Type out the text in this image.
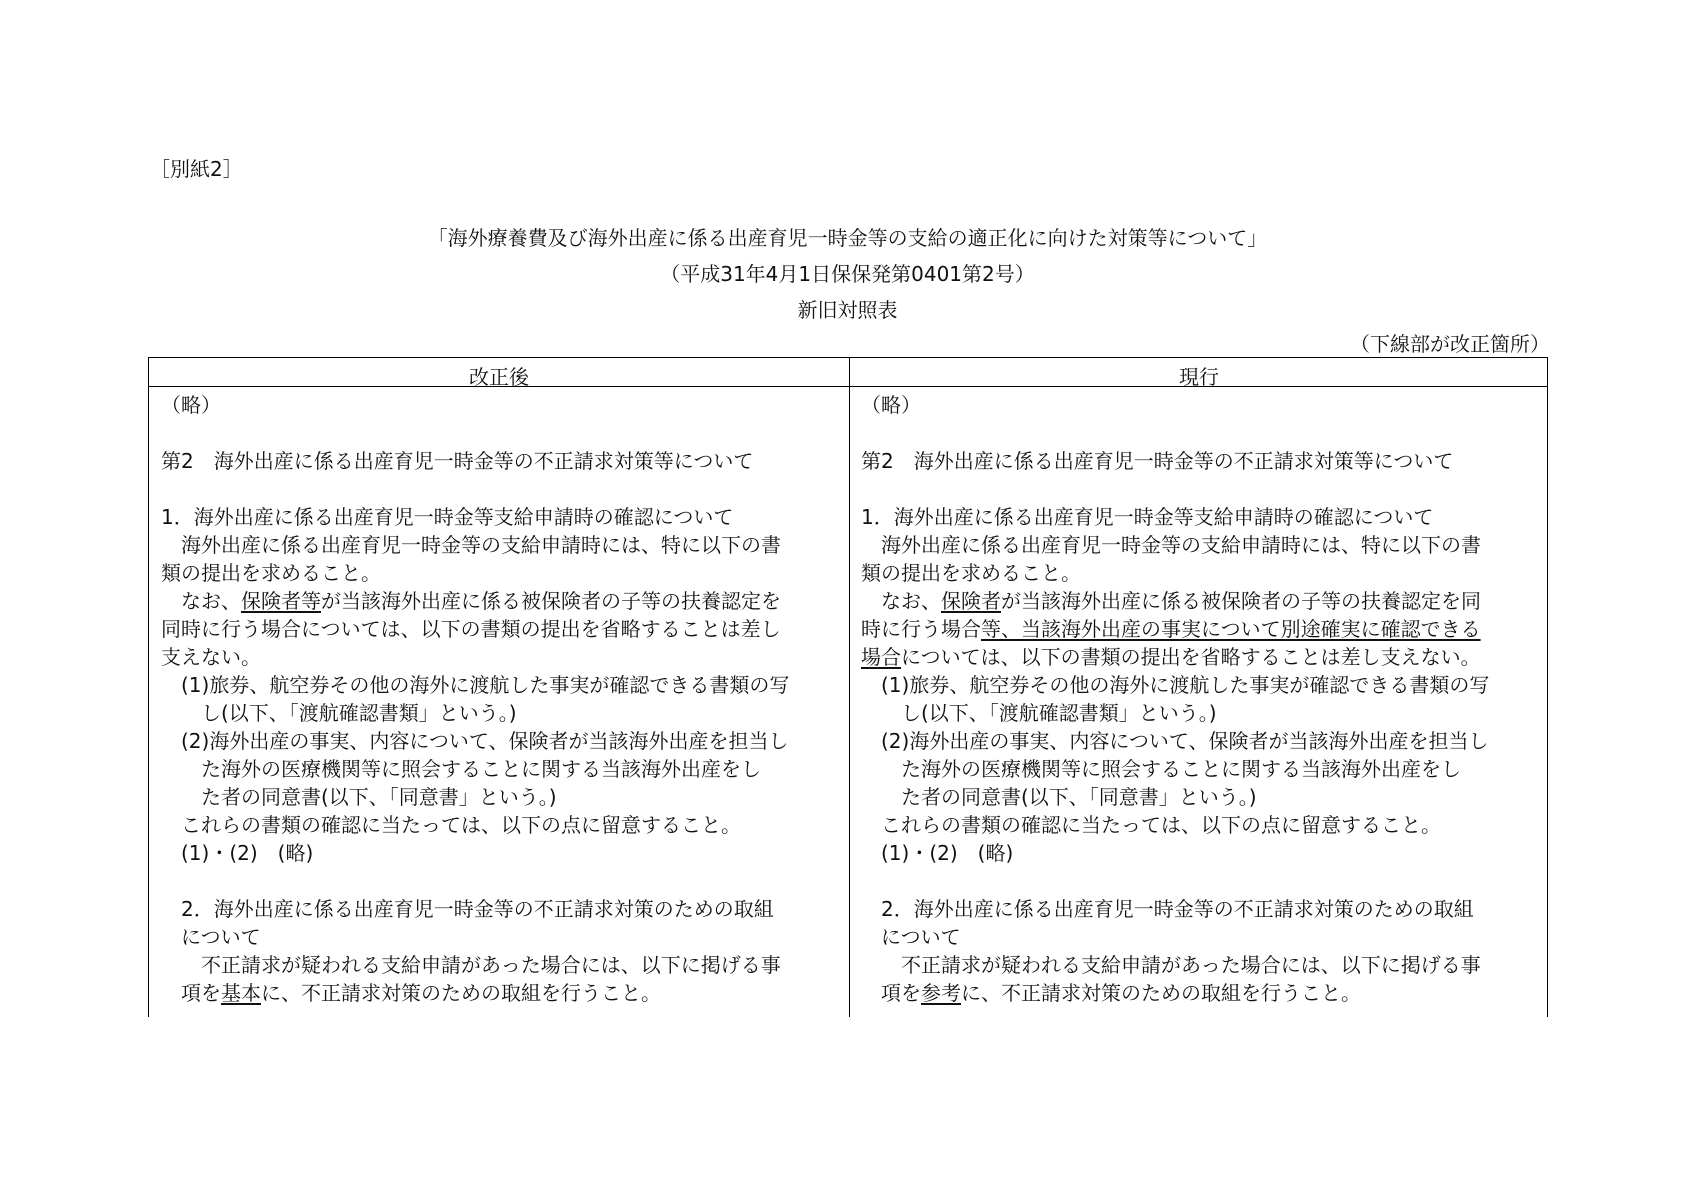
［別紙2］
「海外療養費及び海外出産に係る出産育児一時金等の支給の適正化に向けた対策等について」
（平成31年4月1日保保発第0401第2号）
新旧対照表
（下線部が改正箇所）
改正後	現行
（略）
第2　海外出産に係る出産育児一時金等の不正請求対策等について
1．海外出産に係る出産育児一時金等支給申請時の確認について
　海外出産に係る出産育児一時金等の支給申請時には、特に以下の書
類の提出を求めること。
　なお、保険者等が当該海外出産に係る被保険者の子等の扶養認定を
同時に行う場合については、以下の書類の提出を省略することは差し
支えない。
　(1)旅券、航空券その他の海外に渡航した事実が確認できる書類の写
　　し(以下、「渡航確認書類」という。)
　(2)海外出産の事実、内容について、保険者が当該海外出産を担当し
　　た海外の医療機関等に照会することに関する当該海外出産をし
　　た者の同意書(以下、「同意書」という。)
　これらの書類の確認に当たっては、以下の点に留意すること。
　(1)・(2)　(略)
　2．海外出産に係る出産育児一時金等の不正請求対策のための取組
　について
　　不正請求が疑われる支給申請があった場合には、以下に掲げる事
　項を基本に、不正請求対策のための取組を行うこと。
（略）
第2　海外出産に係る出産育児一時金等の不正請求対策等について
1．海外出産に係る出産育児一時金等支給申請時の確認について
　海外出産に係る出産育児一時金等の支給申請時には、特に以下の書
類の提出を求めること。
　なお、保険者が当該海外出産に係る被保険者の子等の扶養認定を同
時に行う場合等、当該海外出産の事実について別途確実に確認できる
場合については、以下の書類の提出を省略することは差し支えない。
　(1)旅券、航空券その他の海外に渡航した事実が確認できる書類の写
　　し(以下、「渡航確認書類」という。)
　(2)海外出産の事実、内容について、保険者が当該海外出産を担当し
　　た海外の医療機関等に照会することに関する当該海外出産をし
　　た者の同意書(以下、「同意書」という。)
　これらの書類の確認に当たっては、以下の点に留意すること。
　(1)・(2)　(略)
　2．海外出産に係る出産育児一時金等の不正請求対策のための取組
　について
　　不正請求が疑われる支給申請があった場合には、以下に掲げる事
　項を参考に、不正請求対策のための取組を行うこと。
